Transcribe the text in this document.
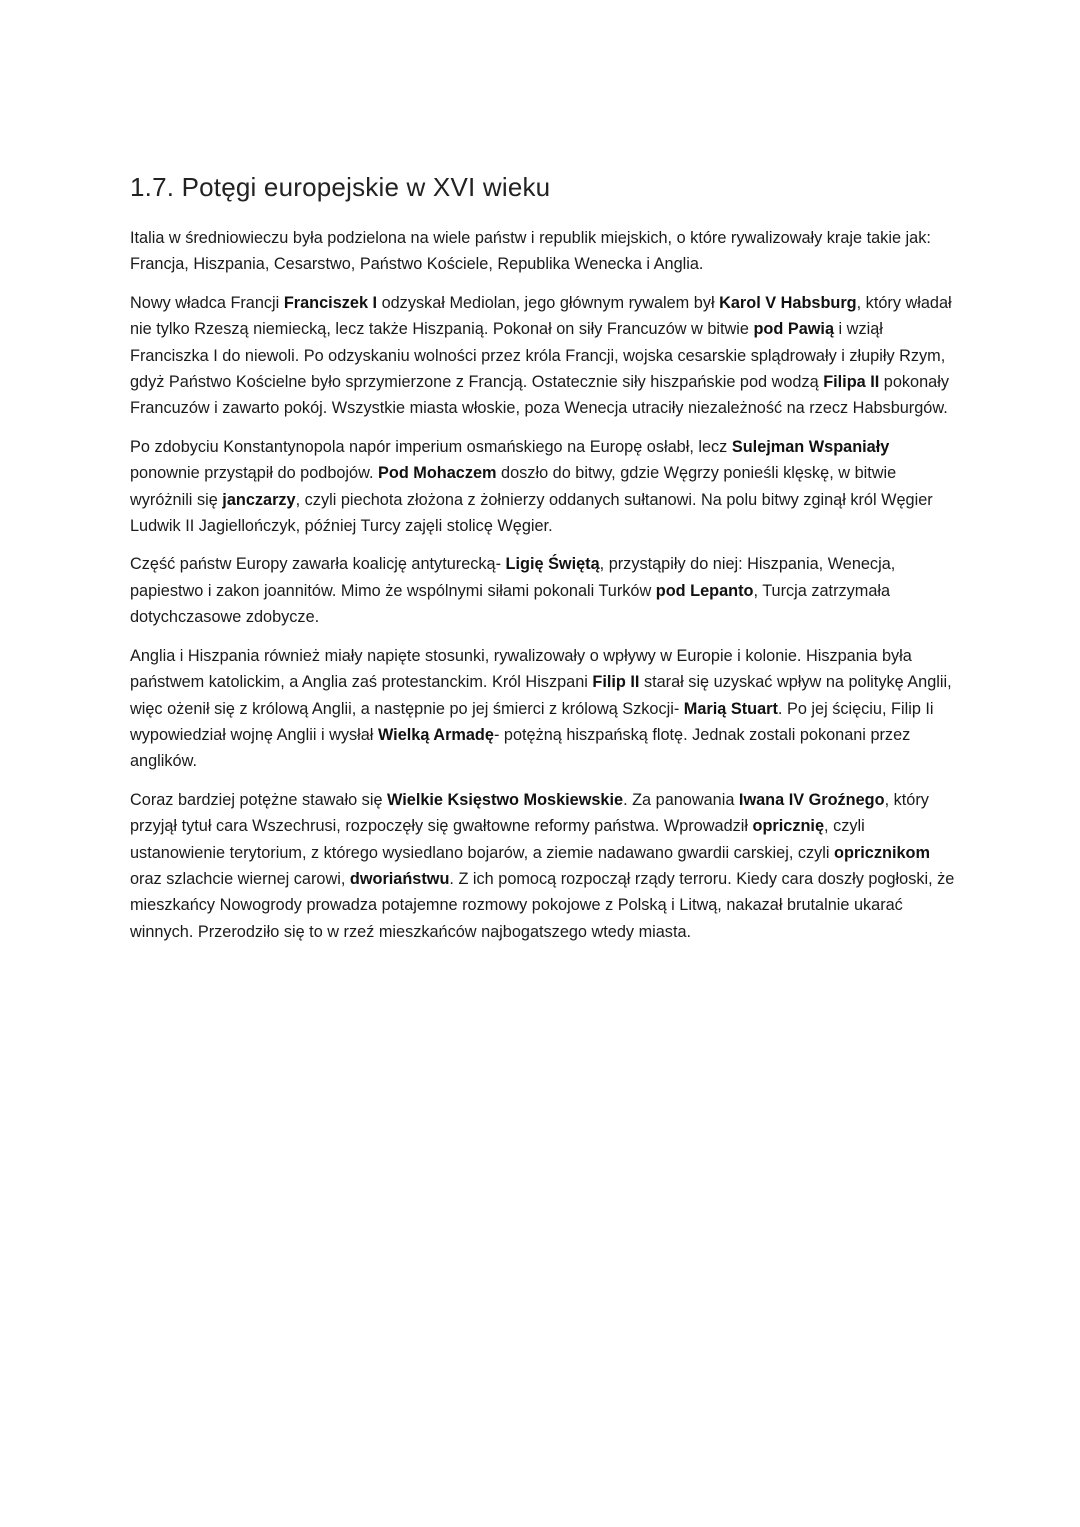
1.7. Potęgi europejskie w XVI wieku

Italia w średniowieczu była podzielona na wiele państw i republik miejskich, o które rywalizowały kraje takie jak: Francja, Hiszpania, Cesarstwo, Państwo Kościele, Republika Wenecka i Anglia.

Nowy władca Francji Franciszek I odzyskał Mediolan, jego głównym rywalem był Karol V Habsburg, który władał nie tylko Rzeszą niemiecką, lecz także Hiszpanią. Pokonał on siły Francuzów w bitwie pod Pawią i wziął Franciszka I do niewoli. Po odzyskaniu wolności przez króla Francji, wojska cesarskie splądrowały i złupiły Rzym, gdyż Państwo Kościelne było sprzymierzone z Francją. Ostatecznie siły hiszpańskie pod wodzą Filipa II pokonały Francuzów i zawarto pokój. Wszystkie miasta włoskie, poza Wenecja utraciły niezależność na rzecz Habsburgów.

Po zdobyciu Konstantynopola napór imperium osmańskiego na Europę osłabł, lecz Sulejman Wspaniały ponownie przystąpił do podbojów. Pod Mohaczem doszło do bitwy, gdzie Węgrzy ponieśli klęskę, w bitwie wyróżnili się janczarzy, czyli piechota złożona z żołnierzy oddanych sułtanowi. Na polu bitwy zginął król Węgier Ludwik II Jagiellończyk, później Turcy zajęli stolicę Węgier.

Część państw Europy zawarła koalicję antyturecką- Ligię Świętą, przystąpiły do niej: Hiszpania, Wenecja, papiestwo i zakon joannitów. Mimo że wspólnymi siłami pokonali Turków pod Lepanto, Turcja zatrzymała dotychczasowe zdobycze.

Anglia i Hiszpania również miały napięte stosunki, rywalizowały o wpływy w Europie i kolonie. Hiszpania była państwem katolickim, a Anglia zaś protestanckim. Król Hiszpani Filip II starał się uzyskać wpływ na politykę Anglii, więc ożenił się z królową Anglii, a następnie po jej śmierci z królową Szkocji- Marią Stuart. Po jej ścięciu, Filip Ii wypowiedział wojnę Anglii i wysłał Wielką Armadę- potężną hiszpańską flotę. Jednak zostali pokonani przez anglików.

Coraz bardziej potężne stawało się Wielkie Księstwo Moskiewskie. Za panowania Iwana IV Groźnego, który przyjął tytuł cara Wszechrusi, rozpoczęły się gwałtowne reformy państwa. Wprowadził opricznię, czyli ustanowienie terytorium, z którego wysiedlano bojarów, a ziemie nadawano gwardii carskiej, czyli opricznikom oraz szlachcie wiernej carowi, dworiaństwu. Z ich pomocą rozpoczął rządy terroru. Kiedy cara doszły pogłoski, że mieszkańcy Nowogrody prowadza potajemne rozmowy pokojowe z Polską i Litwą, nakazał brutalnie ukarać winnych. Przerodziło się to w rzeź mieszkańców najbogatszego wtedy miasta.
